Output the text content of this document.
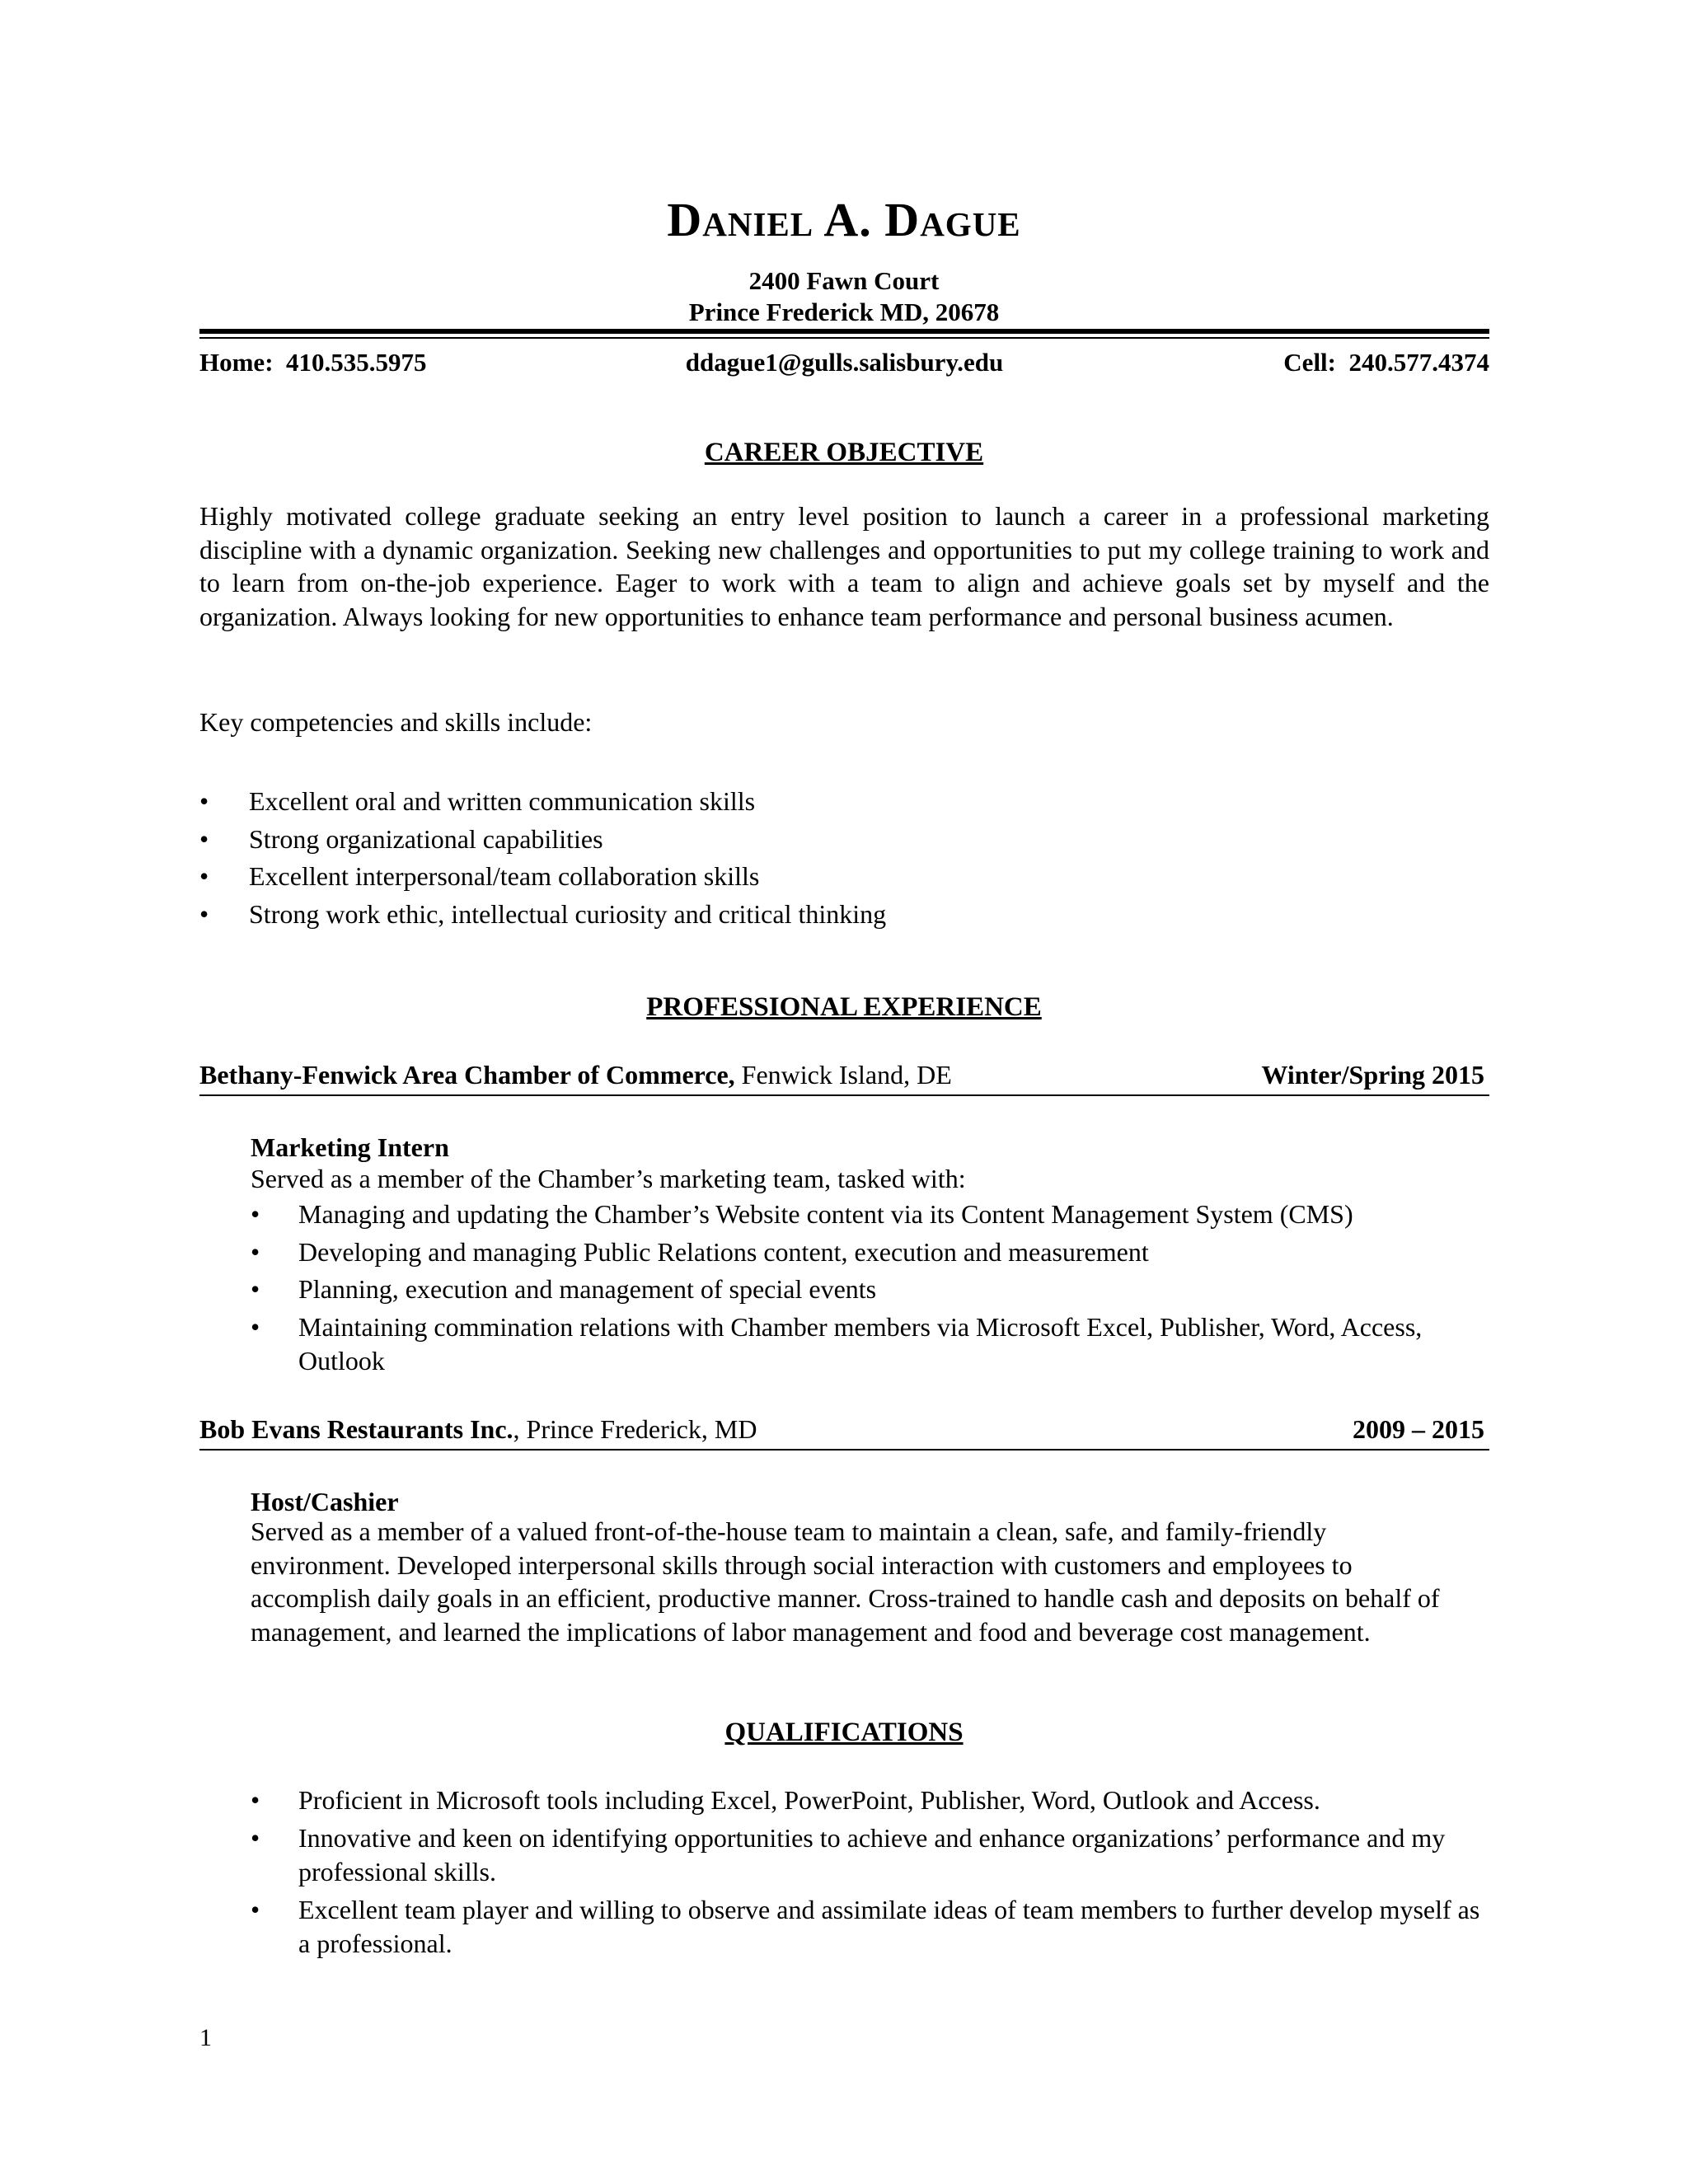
Daniel A. Dague
2400 Fawn Court
Prince Frederick MD, 20678
Home:  410.535.5975	ddague1@gulls.salisbury.edu	Cell:  240.577.4374
CAREER OBJECTIVE
Highly motivated college graduate seeking an entry level position to launch a career in a professional marketing discipline with a dynamic organization. Seeking new challenges and opportunities to put my college training to work and to learn from on-the-job experience. Eager to work with a team to align and achieve goals set by myself and the organization. Always looking for new opportunities to enhance team performance and personal business acumen.
Key competencies and skills include:
• Excellent oral and written communication skills
• Strong organizational capabilities
• Excellent interpersonal/team collaboration skills
• Strong work ethic, intellectual curiosity and critical thinking
PROFESSIONAL EXPERIENCE
Bethany-Fenwick Area Chamber of Commerce, Fenwick Island, DE	Winter/Spring 2015
Marketing Intern
Served as a member of the Chamber’s marketing team, tasked with:
• Managing and updating the Chamber’s Website content via its Content Management System (CMS)
• Developing and managing Public Relations content, execution and measurement
• Planning, execution and management of special events
• Maintaining commination relations with Chamber members via Microsoft Excel, Publisher, Word, Access, Outlook
Bob Evans Restaurants Inc., Prince Frederick, MD	2009 – 2015
Host/Cashier
Served as a member of a valued front-of-the-house team to maintain a clean, safe, and family-friendly environment. Developed interpersonal skills through social interaction with customers and employees to accomplish daily goals in an efficient, productive manner. Cross-trained to handle cash and deposits on behalf of management, and learned the implications of labor management and food and beverage cost management.
QUALIFICATIONS
• Proficient in Microsoft tools including Excel, PowerPoint, Publisher, Word, Outlook and Access.
• Innovative and keen on identifying opportunities to achieve and enhance organizations’ performance and my professional skills.
• Excellent team player and willing to observe and assimilate ideas of team members to further develop myself as a professional.
1
